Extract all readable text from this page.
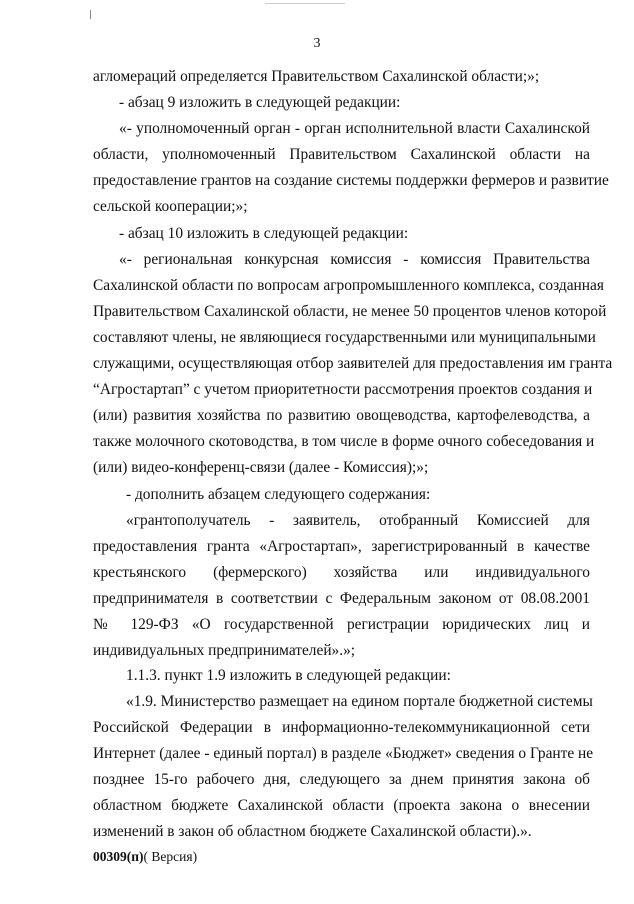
3
агломераций определяется Правительством Сахалинской области;»;
- абзац 9 изложить в следующей редакции:
«- уполномоченный орган - орган исполнительной власти Сахалинской
области, уполномоченный Правительством Сахалинской области на
предоставление грантов на создание системы поддержки фермеров и развитие
сельской кооперации;»;
- абзац 10 изложить в следующей редакции:
«- региональная конкурсная комиссия - комиссия Правительства
Сахалинской области по вопросам агропромышленного комплекса, созданная
Правительством Сахалинской области, не менее 50 процентов членов которой
составляют члены, не являющиеся государственными или муниципальными
служащими, осуществляющая отбор заявителей для предоставления им гранта
“Агростартап” с учетом приоритетности рассмотрения проектов создания и
(или) развития хозяйства по развитию овощеводства, картофелеводства, а
также молочного скотоводства, в том числе в форме очного собеседования и
(или) видео-конференц-связи (далее - Комиссия);»;
- дополнить абзацем следующего содержания:
«грантополучатель - заявитель, отобранный Комиссией для
предоставления гранта «Агростартап», зарегистрированный в качестве
крестьянского (фермерского) хозяйства или индивидуального
предпринимателя в соответствии с Федеральным законом от 08.08.2001
№ 129-ФЗ «О государственной регистрации юридических лиц и
индивидуальных предпринимателей».»;
1.1.3. пункт 1.9 изложить в следующей редакции:
«1.9. Министерство размещает на едином портале бюджетной системы
Российской Федерации в информационно-телекоммуникационной сети
Интернет (далее - единый портал) в разделе «Бюджет» сведения о Гранте не
позднее 15-го рабочего дня, следующего за днем принятия закона об
областном бюджете Сахалинской области (проекта закона о внесении
изменений в закон об областном бюджете Сахалинской области).».
00309(п)( Версия)
